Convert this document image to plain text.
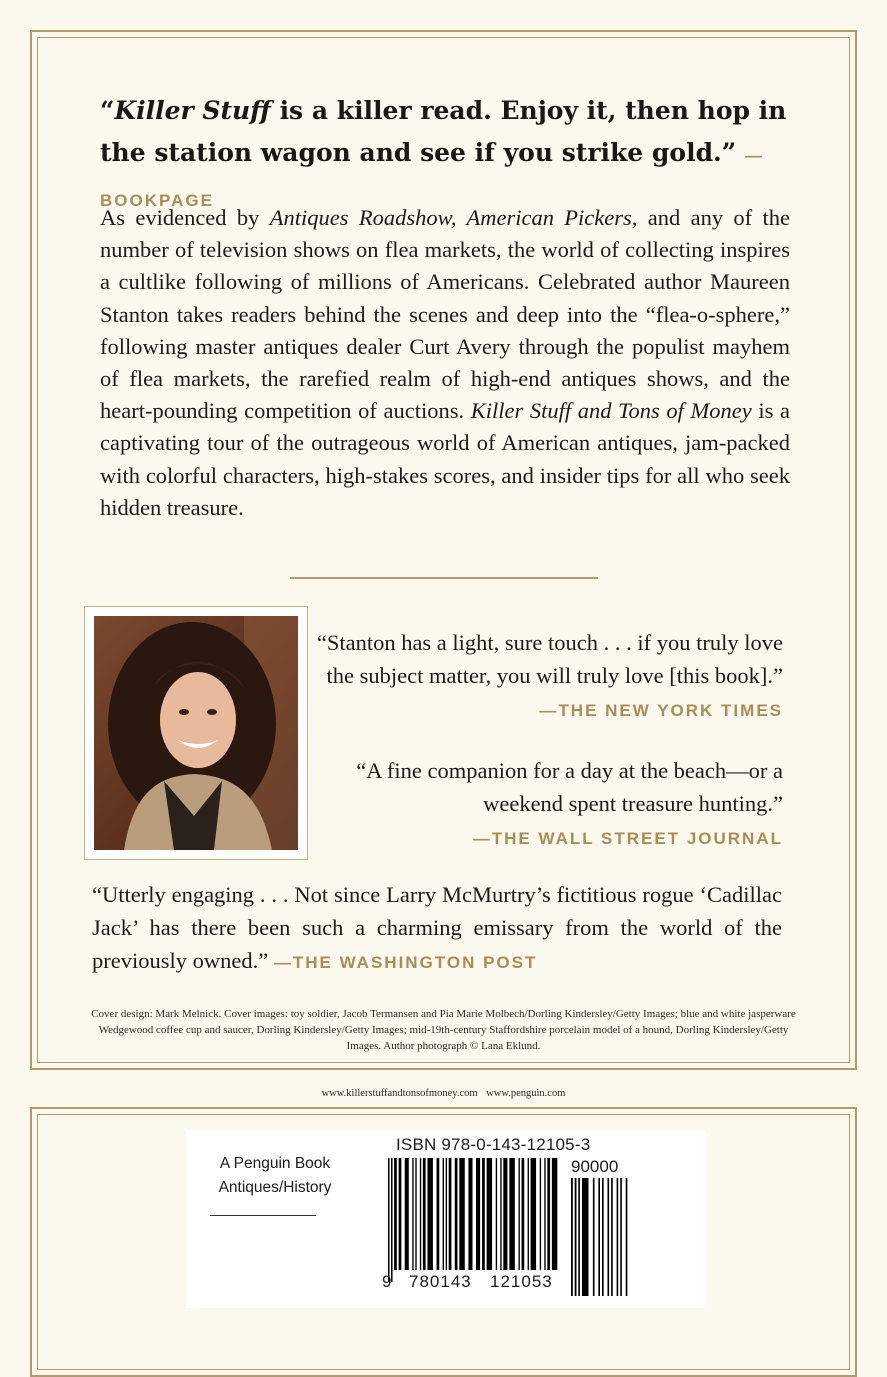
“Killer Stuff is a killer read. Enjoy it, then hop in the station wagon and see if you strike gold.” —BOOKPAGE
As evidenced by Antiques Roadshow, American Pickers, and any of the number of television shows on flea markets, the world of collecting inspires a cultlike following of millions of Americans. Celebrated author Maureen Stanton takes readers behind the scenes and deep into the “flea-o-sphere,” following master antiques dealer Curt Avery through the populist mayhem of flea markets, the rarefied realm of high-end antiques shows, and the heart-pounding competition of auctions. Killer Stuff and Tons of Money is a captivating tour of the outrageous world of American antiques, jam-packed with colorful characters, high-stakes scores, and insider tips for all who seek hidden treasure.
“Stanton has a light, sure touch . . . if you truly love the subject matter, you will truly love [this book].” —THE NEW YORK TIMES
“A fine companion for a day at the beach—or a weekend spent treasure hunting.”
—THE WALL STREET JOURNAL
“Utterly engaging . . . Not since Larry McMurtry’s fictitious rogue ‘Cadillac Jack’ has there been such a charming emissary from the world of the previously owned.” —THE WASHINGTON POST
Cover design: Mark Melnick. Cover images: toy soldier, Jacob Termansen and Pia Marie Molbech/Dorling Kindersley/Getty Images; blue and white jasperware Wedgewood coffee cup and saucer, Dorling Kindersley/Getty Images; mid-19th-century Staffordshire porcelain model of a hound, Dorling Kindersley/Getty Images. Author photograph © Lana Eklund.
www.killerstuffandtonsofmoney.com www.penguin.com
A Penguin Book
Antiques/History
ISBN 978-0-143-12105-3
90000
9 780143 121053
